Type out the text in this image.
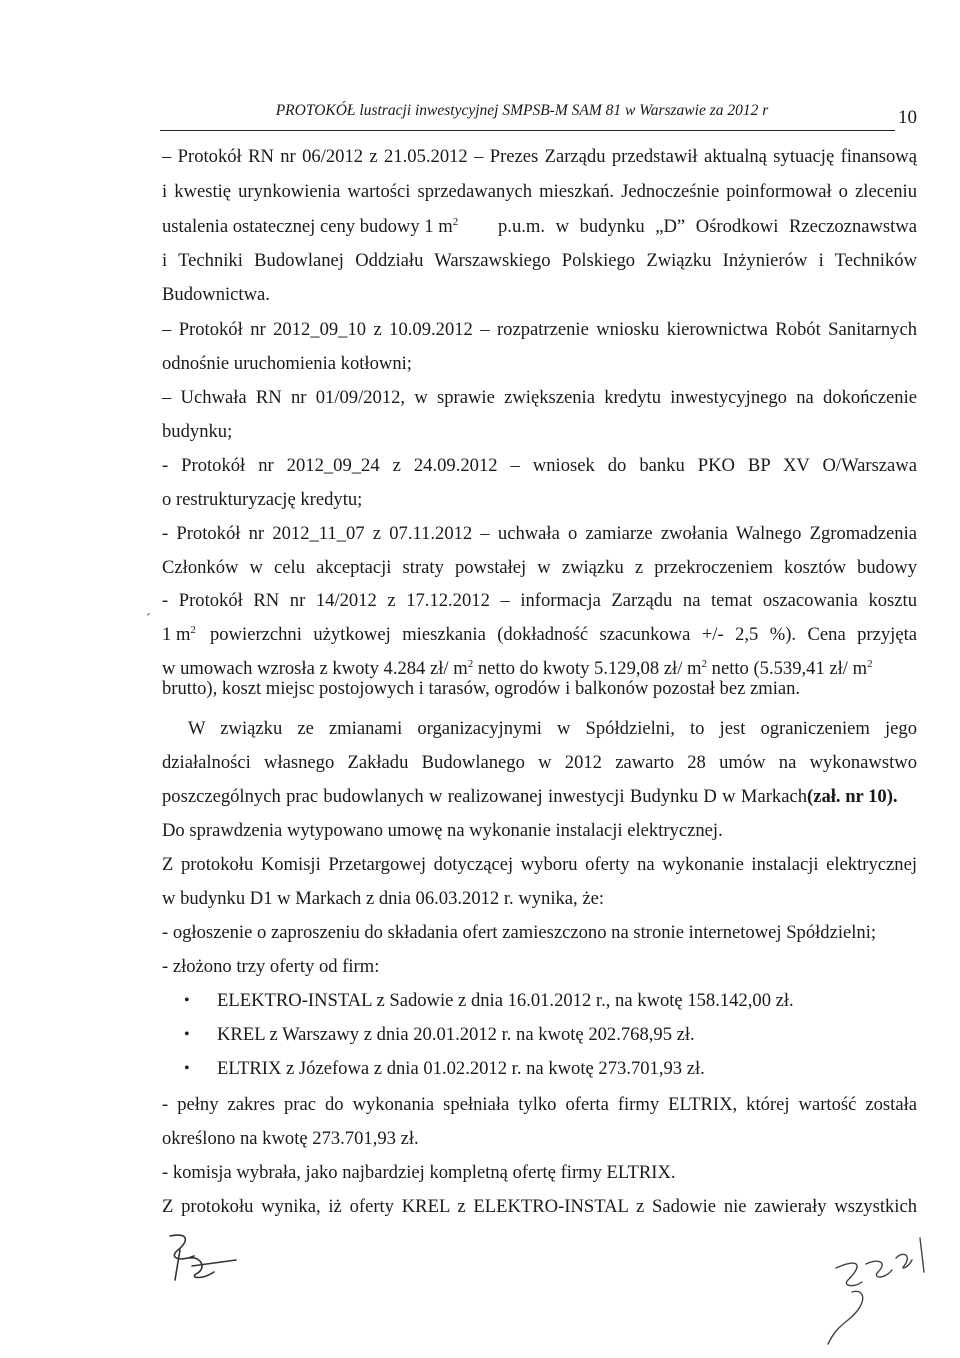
PROTOKÓŁ lustracji inwestycyjnej SMPSB-M SAM 81 w Warszawie za 2012 r	10
– Protokół RN nr 06/2012 z 21.05.2012 – Prezes Zarządu przedstawił aktualną sytuację finansową
i kwestię urynkowienia wartości sprzedawanych mieszkań. Jednocześnie poinformował o zleceniu
ustalenia ostatecznej ceny budowy 1 $m^2$ p.u.m. w budynku „D” Ośrodkowi Rzeczoznawstwa
i Techniki Budowlanej Oddziału Warszawskiego Polskiego Związku Inżynierów i Techników
Budownictwa.
– Protokół nr 2012_09_10 z 10.09.2012 – rozpatrzenie wniosku kierownictwa Robót Sanitarnych
odnośnie uruchomienia kotłowni;
– Uchwała RN nr 01/09/2012, w sprawie zwiększenia kredytu inwestycyjnego na dokończenie
budynku;
- Protokół nr 2012_09_24 z 24.09.2012 – wniosek do banku PKO BP XV O/Warszawa
o restrukturyzację kredytu;
- Protokół nr 2012_11_07 z 07.11.2012 – uchwała o zamiarze zwołania Walnego Zgromadzenia
Członków w celu akceptacji straty powstałej w związku z przekroczeniem kosztów budowy
- Protokół RN nr 14/2012 z 17.12.2012 – informacja Zarządu na temat oszacowania kosztu
´
1 $m^2$ powierzchni użytkowej mieszkania (dokładność szacunkowa +/- 2,5 %). Cena przyjęta
w umowach wzrosła z kwoty 4.284 zł/ $m^2$ netto do kwoty 5.129,08 zł/ $m^2$ netto (5.539,41 zł/ $m^2$
brutto), koszt miejsc postojowych i tarasów, ogrodów i balkonów pozostał bez zmian.
W związku ze zmianami organizacyjnymi w Spółdzielni, to jest ograniczeniem jego
działalności własnego Zakładu Budowlanego w 2012 zawarto 28 umów na wykonawstwo
poszczególnych prac budowlanych w realizowanej inwestycji Budynku D w Markach(zał. nr 10).
Do sprawdzenia wytypowano umowę na wykonanie instalacji elektrycznej.
Z protokołu Komisji Przetargowej dotyczącej wyboru oferty na wykonanie instalacji elektrycznej
w budynku D1 w Markach z dnia 06.03.2012 r. wynika, że:
- ogłoszenie o zaproszeniu do składania ofert zamieszczono na stronie internetowej Spółdzielni;
- złożono trzy oferty od firm:
• ELEKTRO-INSTAL z Sadowie z dnia 16.01.2012 r., na kwotę 158.142,00 zł.
• KREL z Warszawy z dnia 20.01.2012 r. na kwotę 202.768,95 zł.
• ELTRIX z Józefowa z dnia 01.02.2012 r. na kwotę 273.701,93 zł.
- pełny zakres prac do wykonania spełniała tylko oferta firmy ELTRIX, której wartość została
określono na kwotę 273.701,93 zł.
- komisja wybrała, jako najbardziej kompletną ofertę firmy ELTRIX.
Z protokołu wynika, iż oferty KREL z ELEKTRO-INSTAL z Sadowie nie zawierały wszystkich
